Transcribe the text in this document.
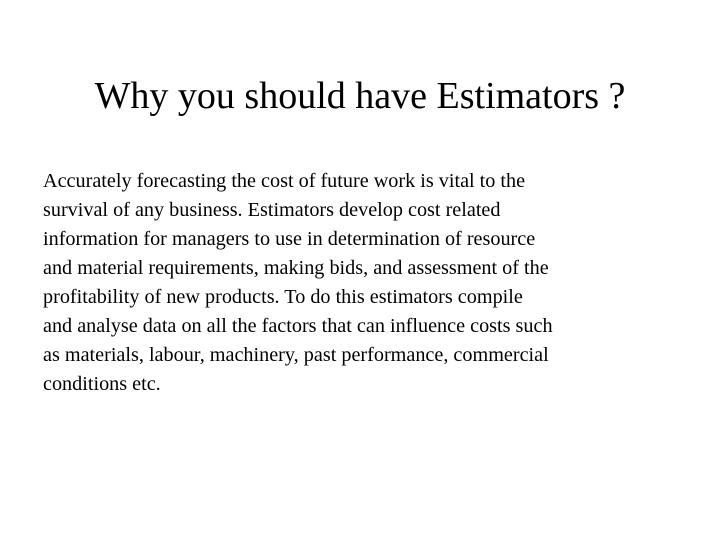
Why you should have Estimators ?
Accurately forecasting the cost of future work is vital to the
survival of any business. Estimators develop cost related
information for managers to use in determination of resource
and material requirements, making bids, and assessment of the
profitability of new products. To do this estimators compile
and analyse data on all the factors that can influence costs such
as materials, labour, machinery, past performance, commercial
conditions etc.
